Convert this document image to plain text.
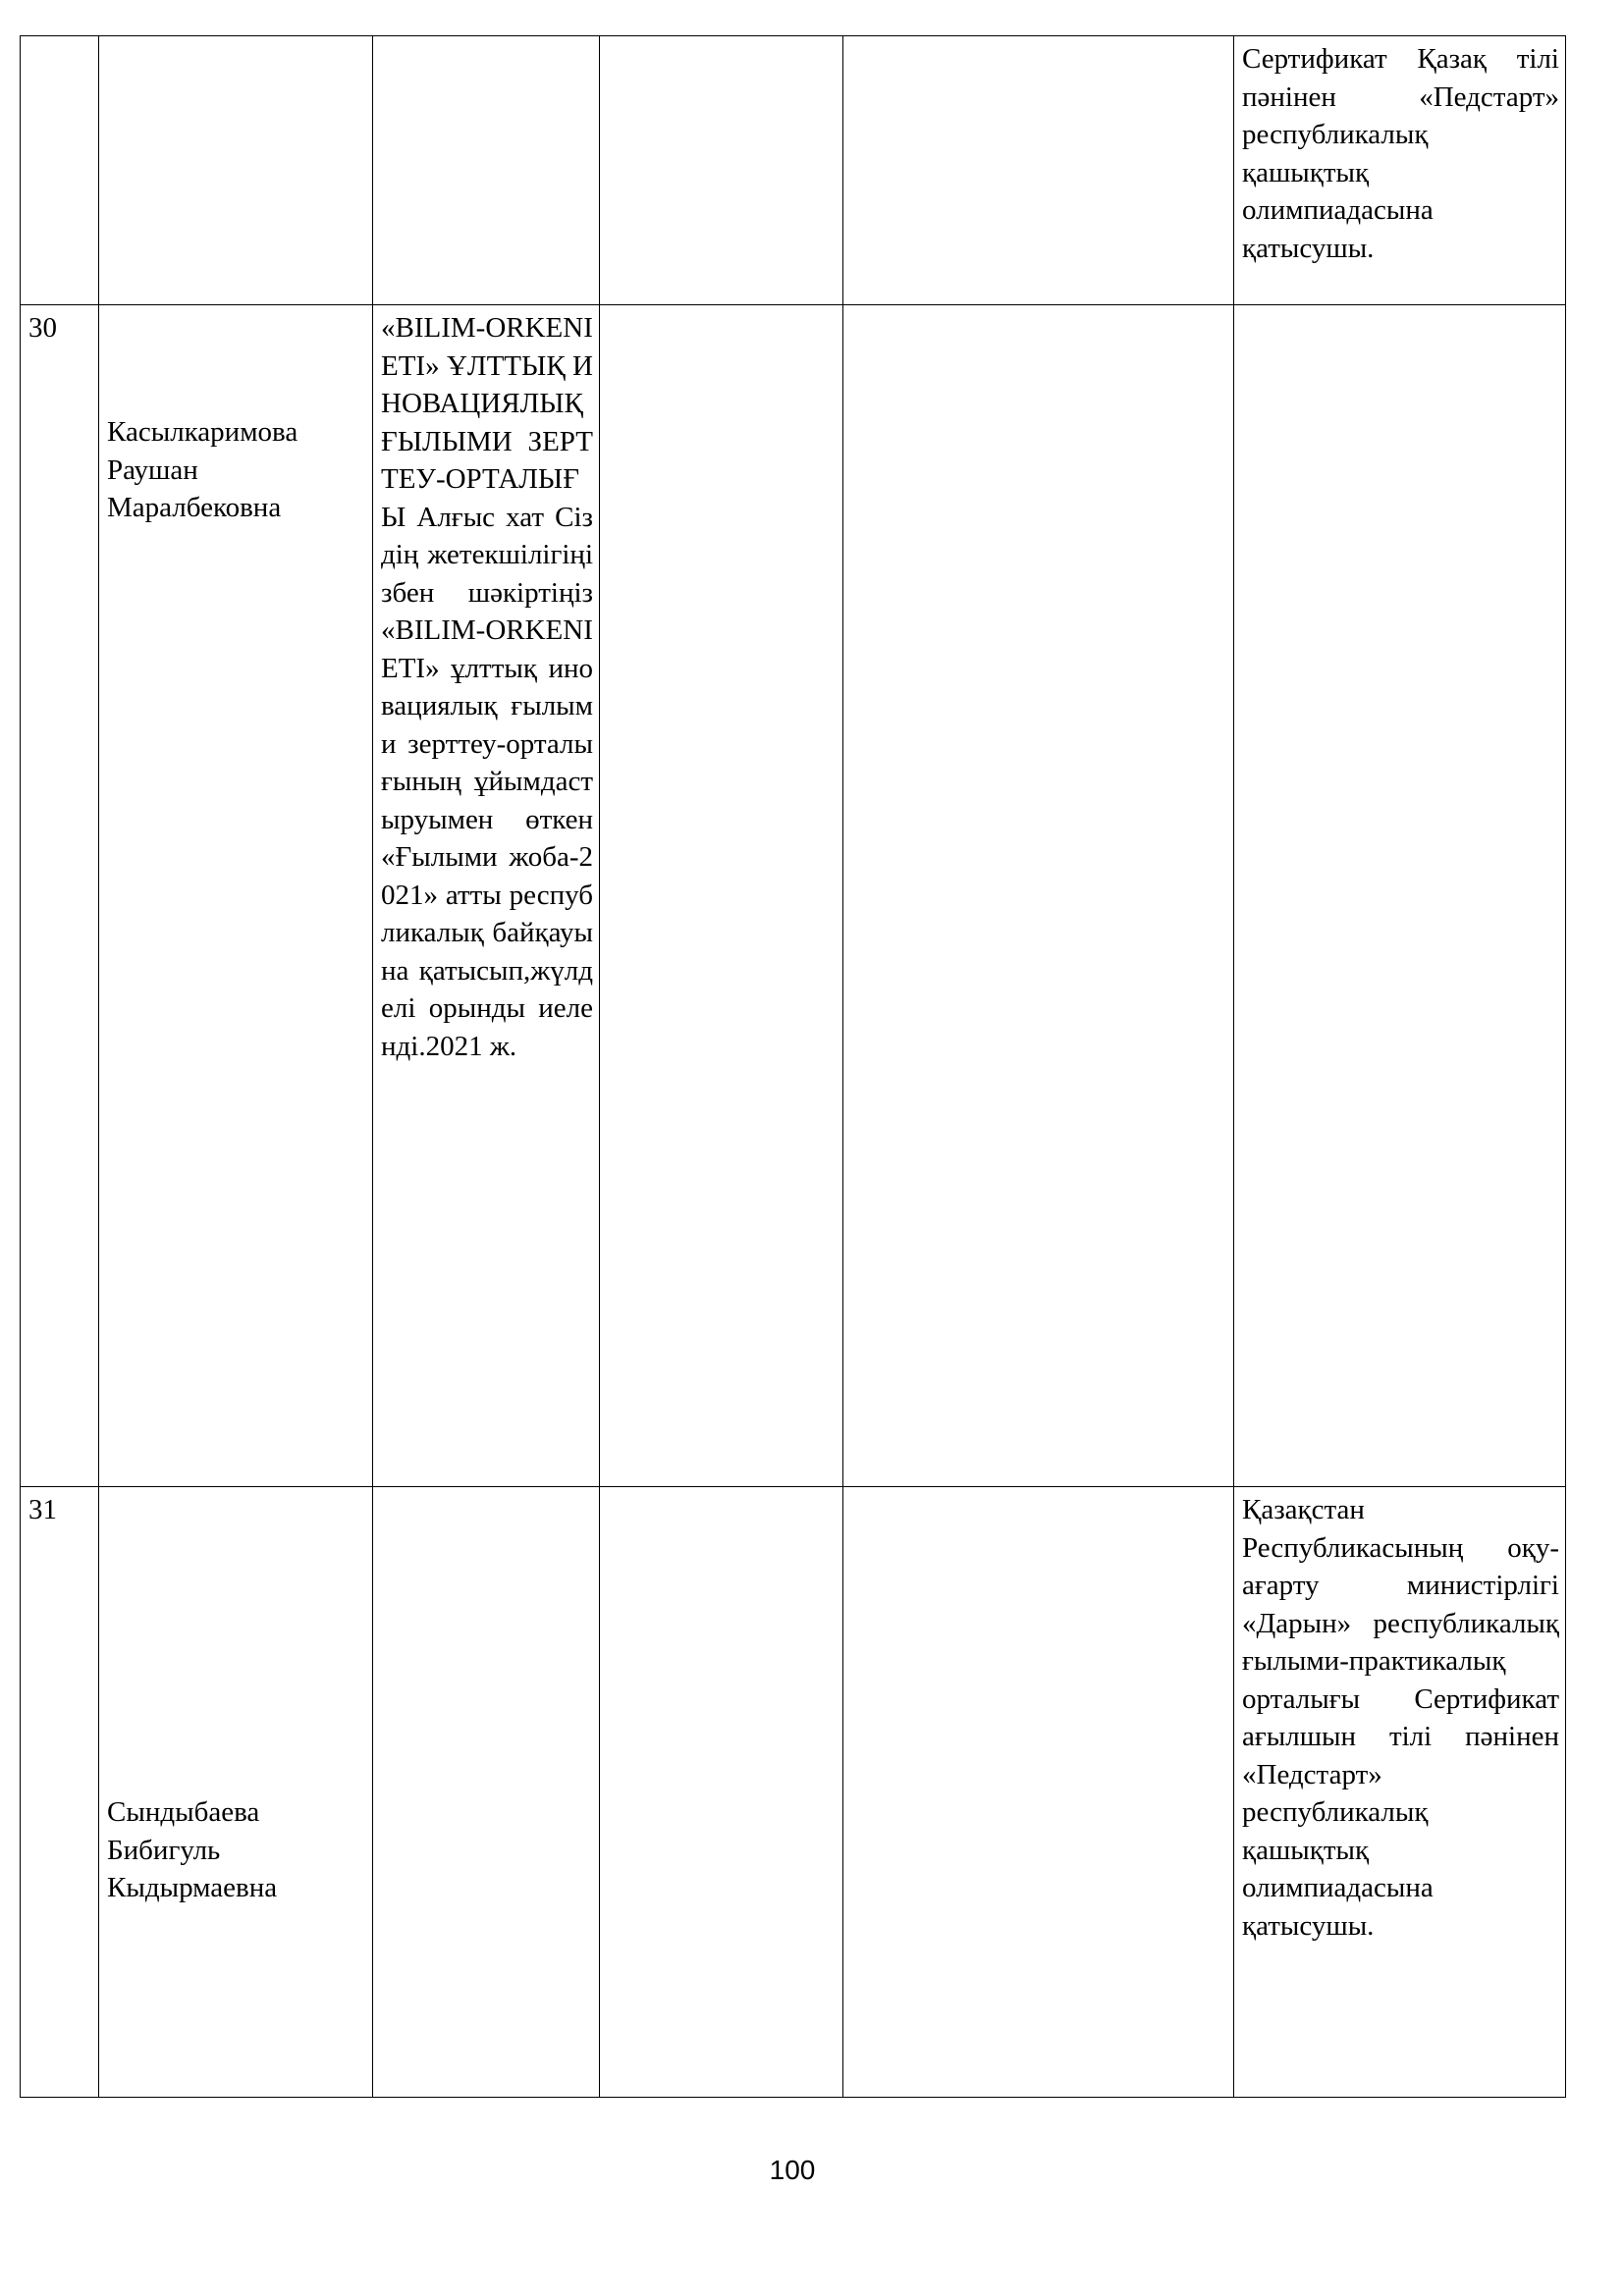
					Сертификат Қазақ тілі пәнінен «Педстарт» республикалық қашықтық олимпиадасына қатысушы.
30	Касылкаримова Раушан Маралбековна	«BILIM-ORKENIETI» ҰЛТТЫҚ ИНОВАЦИЯЛЫҚ ҒЫЛЫМИ ЗЕРТТЕУ-ОРТАЛЫҒЫ Алғыс хат Сіздің жетекшілігіңізбен шәкіртіңіз «BILIM-ORKENIETI» ұлттық иновациялық ғылыми зерттеу-орталығының ұйымдастыруымен өткен «Ғылыми жоба-2021» атты республикалық байқауына қатысып,жүлделі орынды иеленді.2021 ж.			
31	Сындыбаева Бибигуль Кыдырмаевна				Қазақстан Республикасының оқу-ағарту министірлігі «Дарын» республикалық ғылыми-практикалық орталығы Сертификат ағылшын тілі пәнінен «Педстарт» республикалық қашықтық олимпиадасына қатысушы.
100
